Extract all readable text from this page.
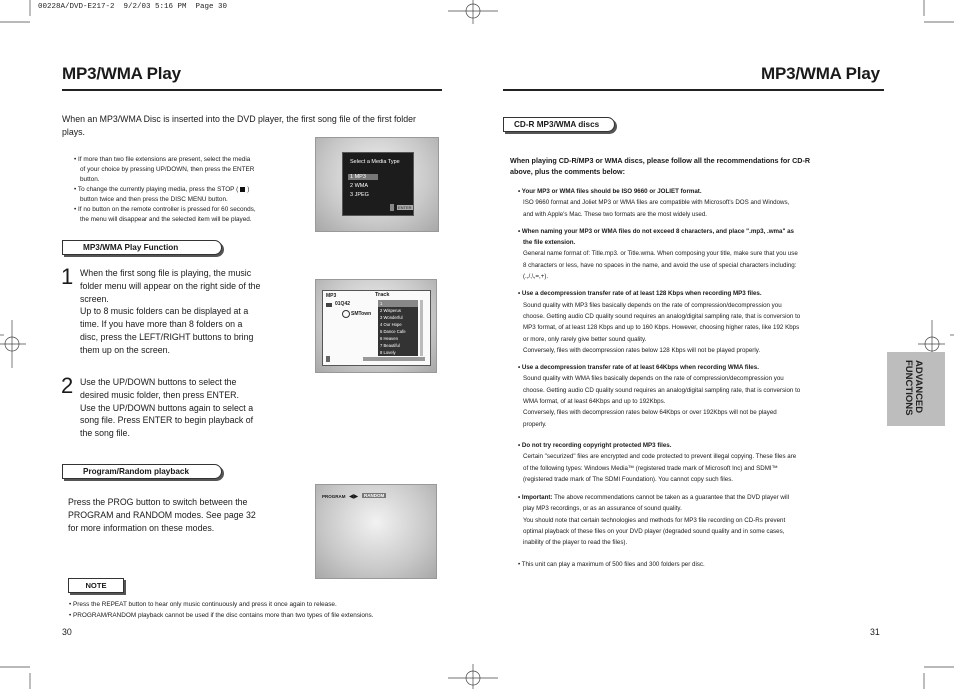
00228A/DVD-E217-2  9/2/03 5:16 PM  Page 30
MP3/WMA Play
When an MP3/WMA Disc is inserted into the DVD player, the first song file of the first folder
plays.
• If more than two file extensions are present, select the media
of your choice by pressing UP/DOWN, then press the ENTER
button.
• To change the currently playing media, press the STOP ( )
button twice and then press the DISC MENU button.
• If no button on the remote controller is pressed for 60 seconds,
the menu will disappear and the selected item will be played.
Select a Media Type
1 MP3
2 WMA
3 JPEG
ENTER
MP3/WMA Play Function
1 When the first song file is playing, the music
folder menu will appear on the right side of the
screen.
Up to 8 music folders can be displayed at a
time. If you have more than 8 folders on a
disc, press the LEFT/RIGHT buttons to bring
them up on the screen.
MP3	Track
01Q42
SMTown
1
2 Wisperus
3 Wonderful
4 Our Hope
5 Dance Cafe
6 Heaven
7 Beautiful
8 Lovely
2 Use the UP/DOWN buttons to select the
desired music folder, then press ENTER.
Use the UP/DOWN buttons again to select a
song file. Press ENTER to begin playback of
the song file.
Program/Random playback
Press the PROG button to switch between the
PROGRAM and RANDOM modes. See page 32
for more information on these modes.
PROGRAM ◀▶	RANDOM
NOTE
• Press the REPEAT button to hear only music continuously and press it once again to release.
• PROGRAM/RANDOM playback cannot be used if the disc contains more than two types of file extensions.
30
MP3/WMA Play
CD-R MP3/WMA discs
When playing CD-R/MP3 or WMA discs, please follow all the recommendations for CD-R
above, plus the comments below:
• Your MP3 or WMA files should be ISO 9660 or JOLIET format.
ISO 9660 format and Joliet MP3 or WMA files are compatible with Microsoft's DOS and Windows,
and with Apple's Mac. These two formats are the most widely used.
• When naming your MP3 or WMA files do not exceed 8 characters, and place ".mp3, .wma" as
the file extension.
General name format of: Title.mp3. or Title.wma. When composing your title, make sure that you use
8 characters or less, have no spaces in the name, and avoid the use of special characters including:
(.,/,\,=,+).
• Use a decompression transfer rate of at least 128 Kbps when recording MP3 files.
Sound quality with MP3 files basically depends on the rate of compression/decompression you
choose. Getting audio CD quality sound requires an analog/digital sampling rate, that is conversion to
MP3 format, of at least 128 Kbps and up to 160 Kbps. However, choosing higher rates, like 192 Kbps
or more, only rarely give better sound quality.
Conversely, files with decompression rates below 128 Kbps will not be played properly.
• Use a decompression transfer rate of at least 64Kbps when recording WMA files.
Sound quality with WMA files basically depends on the rate of compression/decompression you
choose. Getting audio CD quality sound requires an analog/digital sampling rate, that is conversion to
WMA format, of at least 64Kbps and up to 192Kbps.
Conversely, files with decompression rates below 64Kbps or over 192Kbps will not be played
properly.
• Do not try recording copyright protected MP3 files.
Certain "securized" files are encrypted and code protected to prevent illegal copying. These files are
of the following types: Windows Media™ (registered trade mark of Microsoft Inc) and SDMI™
(registered trade mark of The SDMI Foundation). You cannot copy such files.
• Important: The above recommendations cannot be taken as a guarantee that the DVD player will
play MP3 recordings, or as an assurance of sound quality.
You should note that certain technologies and methods for MP3 file recording on CD-Rs prevent
optimal playback of these files on your DVD player (degraded sound quality and in some cases,
inability of the player to read the files).
• This unit can play a maximum of 500 files and 300 folders per disc.
ADVANCED
FUNCTIONS
31
